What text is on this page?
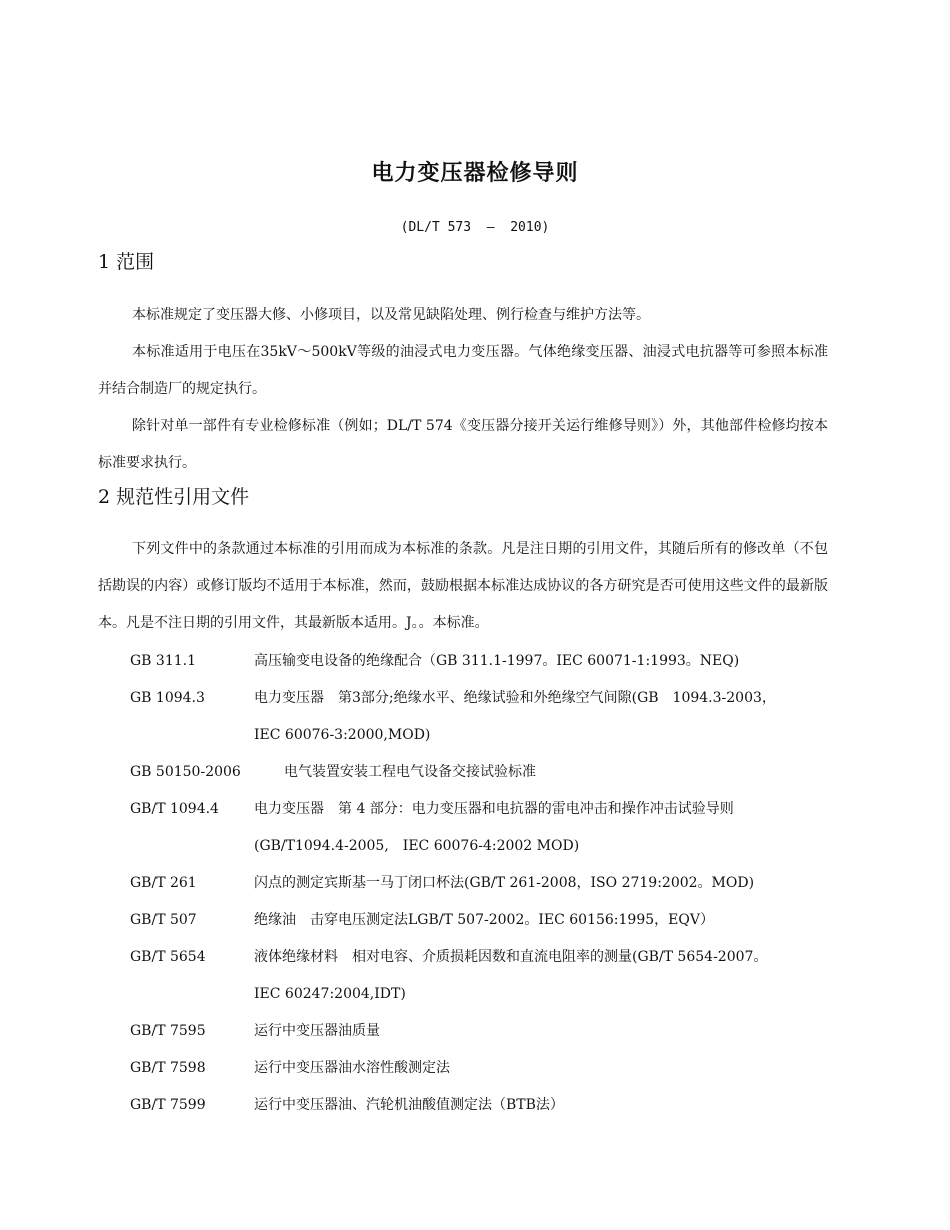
电力变压器检修导则
(DL/T 573  –  2010)
1 范围

本标准规定了变压器大修、小修项目，以及常见缺陷处理、例行检查与维护方法等。

本标准适用于电压在35kV～500kV等级的油浸式电力变压器。气体绝缘变压器、油浸式电抗器等可参照本标准并结合制造厂的规定执行。

除针对单一部件有专业检修标准（例如；DL/T 574《变压器分接开关运行维修导则》）外，其他部件检修均按本标准要求执行。

2 规范性引用文件

下列文件中的条款通过本标准的引用而成为本标准的条款。凡是注日期的引用文件，其随后所有的修改单（不包括勘误的内容）或修订版均不适用于本标准，然而，鼓励根据本标准达成协议的各方研究是否可使用这些文件的最新版本。凡是不注日期的引用文件，其最新版本适用。J。。本标准。

GB 311.1	高压输变电设备的绝缘配合（GB 311.1-1997。IEC 60071-1:1993。NEQ)
GB 1094.3	电力变压器　第3部分;绝缘水平、绝缘试验和外绝缘空气间隙(GB　1094.3-2003，
IEC 60076-3:2000,MOD)
GB 50150-2006	电气装置安装工程电气设备交接试验标准
GB/T 1094.4	电力变压器　第 4 部分：电力变压器和电抗器的雷电冲击和操作冲击试验导则
(GB/T1094.4-2005,　IEC 60076-4:2002 MOD)
GB/T 261	闪点的测定宾斯基一马丁闭口杯法(GB/T 261-2008，ISO 2719:2002。MOD)
GB/T 507	绝缘油　击穿电压测定法LGB/T 507-2002。IEC 60156:1995，EQV）
GB/T 5654	液体绝缘材料　相对电容、介质损耗因数和直流电阻率的测量(GB/T 5654-2007。
IEC 60247:2004,IDT)
GB/T 7595	运行中变压器油质量
GB/T 7598	运行中变压器油水溶性酸测定法
GB/T 7599	运行中变压器油、汽轮机油酸值测定法（BTB法）
